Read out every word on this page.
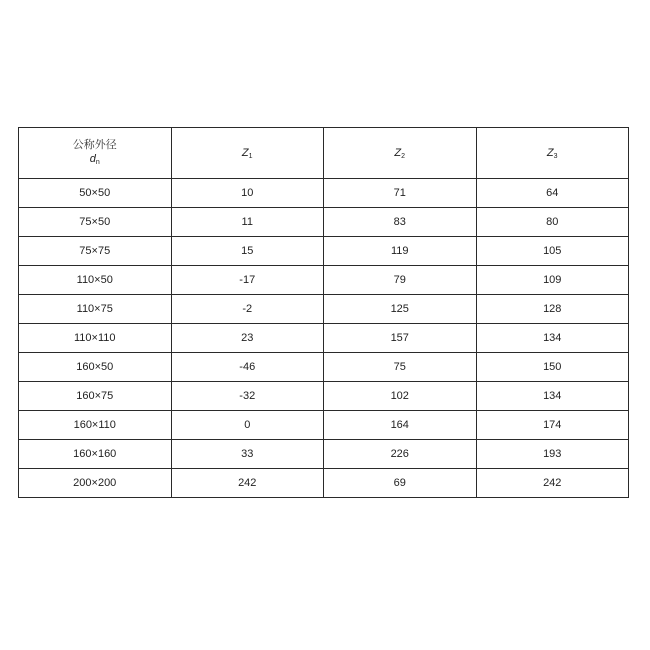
公称外径
$d_n$	$Z_1$	$Z_2$	$Z_3$
50×50	10	71	64
75×50	11	83	80
75×75	15	119	105
110×50	-17	79	109
110×75	-2	125	128
110×110	23	157	134
160×50	-46	75	150
160×75	-32	102	134
160×110	0	164	174
160×160	33	226	193
200×200	242	69	242
